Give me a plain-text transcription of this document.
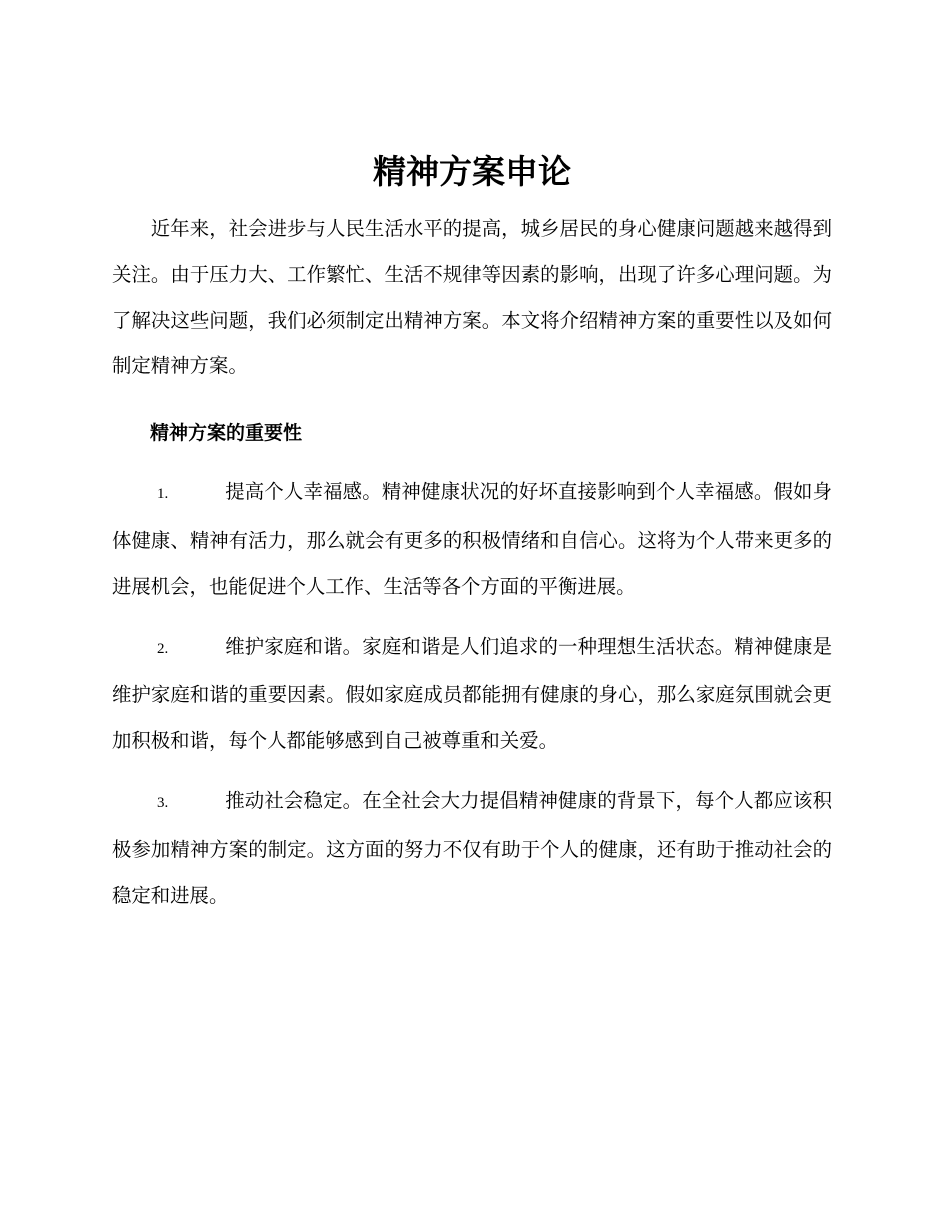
精神方案申论

近年来，社会进步与人民生活水平的提高，城乡居民的身心健康问题越来越得到关注。由于压力大、工作繁忙、生活不规律等因素的影响，出现了许多心理问题。为了解决这些问题，我们必须制定出精神方案。本文将介绍精神方案的重要性以及如何制定精神方案。

精神方案的重要性

1.	提高个人幸福感。精神健康状况的好坏直接影响到个人幸福感。假如身体健康、精神有活力，那么就会有更多的积极情绪和自信心。这将为个人带来更多的进展机会，也能促进个人工作、生活等各个方面的平衡进展。

2.	维护家庭和谐。家庭和谐是人们追求的一种理想生活状态。精神健康是维护家庭和谐的重要因素。假如家庭成员都能拥有健康的身心，那么家庭氛围就会更加积极和谐，每个人都能够感到自己被尊重和关爱。

3.	推动社会稳定。在全社会大力提倡精神健康的背景下，每个人都应该积极参加精神方案的制定。这方面的努力不仅有助于个人的健康，还有助于推动社会的稳定和进展。
